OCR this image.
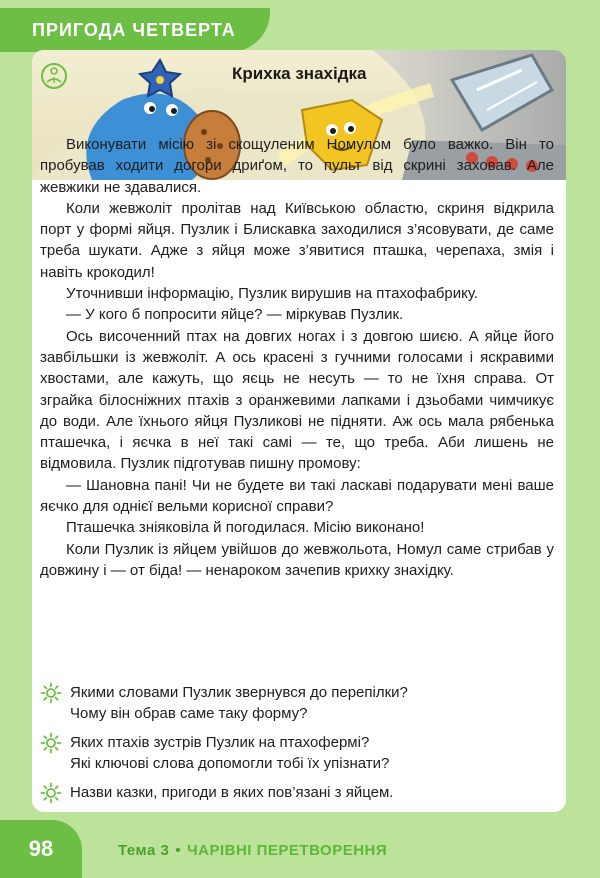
ПРИГОДА ЧЕТВЕРТА
Крихка знахідка

Виконувати місію зі скощуленим Номулом було важко. Він то пробував ходити догори дриґом, то пульт від скрині заховав. Але жевжики не здавалися.

Коли жевжоліт пролітав над Київською областю, скриня відкрила порт у формі яйця. Пузлик і Блискавка заходилися з’ясовувати, де саме треба шукати. Адже з яйця може з’явитися пташка, черепаха, змія і навіть крокодил!

Уточнивши інформацію, Пузлик вирушив на птахофабрику.

— У кого б попросити яйце? — міркував Пузлик.

Ось височенний птах на довгих ногах і з довгою шиєю. А яйце його завбільшки із жевжоліт. А ось красені з гучними голосами і яскравими хвостами, але кажуть, що яєць не несуть — то не їхня справа. От зграйка білосніжних птахів з оранжевими лапками і дзьобами чимчикує до води. Але їхнього яйця Пузликові не підняти. Аж ось мала рябенька пташечка, і яєчка в неї такі самі — те, що треба. Аби лишень не відмовила. Пузлик підготував пишну промову:

— Шановна пані! Чи не будете ви такі ласкаві подарувати мені ваше яєчко для однієї вельми корисної справи?

Пташечка зніяковіла й погодилася. Місію виконано!

Коли Пузлик із яйцем увійшов до жевжольота, Номул саме стрибав у довжину і — от біда! — ненароком зачепив крихку знахідку.

Якими словами Пузлик звернувся до перепілки?
Чому він обрав саме таку форму?
Яких птахів зустрів Пузлик на птахофермі?
Які ключові слова допомогли тобі їх упізнати?
Назви казки, пригоди в яких пов’язані з яйцем.
98	Тема 3 • ЧАРІВНІ ПЕРЕТВОРЕННЯ
